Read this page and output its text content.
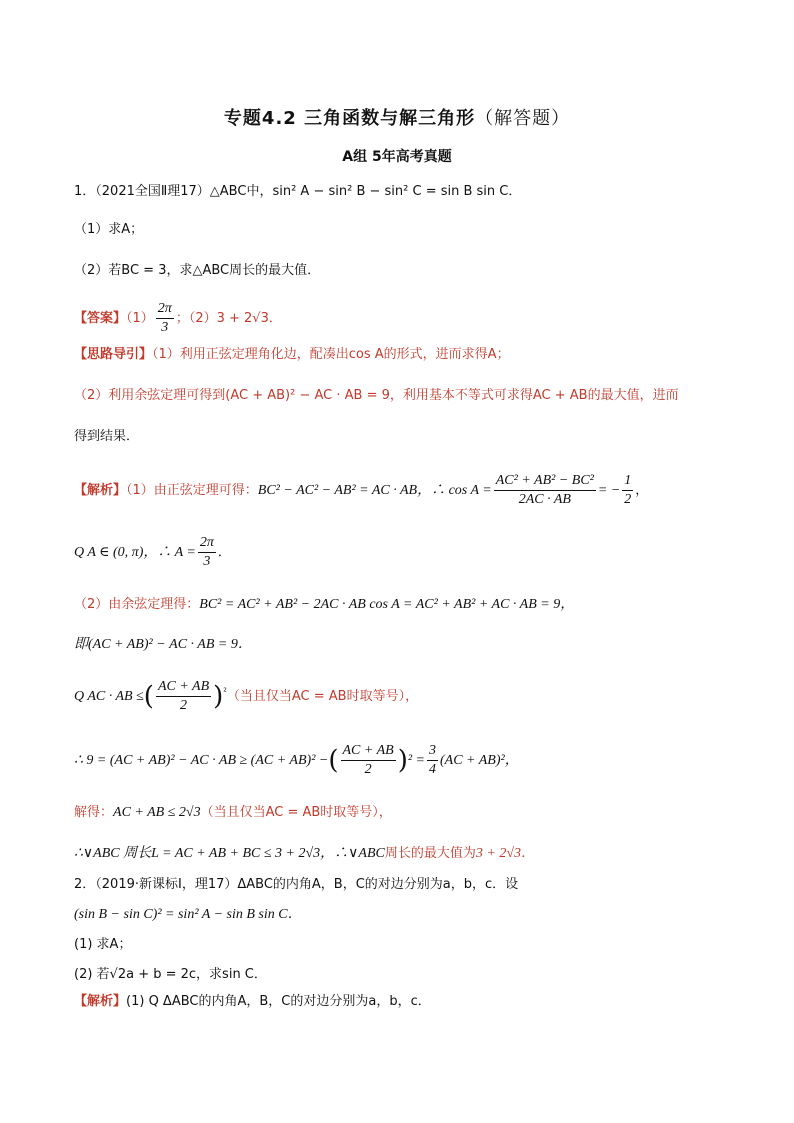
专题4.2 三角函数与解三角形（解答题）
A组 5年高考真题
1．（2021全国Ⅱ理17）△ABC中，sin² A − sin² B − sin² C = sin B sin C．
（1）求A；
（2）若BC = 3，求△ABC周长的最大值．
【答案】$(1) \frac{2\pi}{3}$ ；（2）3 + 2√3．
【思路导引】（1）利用正弦定理角化边，配凑出cos A的形式，进而求得A；
（2）利用余弦定理可得到(AC + AB)² − AC · AB = 9，利用基本不等式可求得AC + AB的最大值，进而
得到结果．
【解析】（1）由正弦定理可得：BC² − AC² − AB² = AC · AB，∴ $\cos A = \frac{\text{AC² + AB² − BC²}}{2AC \cdot AB}$ = − $\frac{1}{2}$ ，
Q A ∈ (0, π)，∴ $A = \frac{2\pi}{3}$ ．
（2）由余弦定理得：BC² = AC² + AB² − 2AC · AB cos A = AC² + AB² + AC · AB = 9，
即(AC + AB)² − AC · AB = 9．
Q AC · AB ≤( $\frac{AC + AB}{2} )^{^2}$（当且仅当AC = AB时取等号），
∴ 9 = (AC + AB)² − AC · AB ≥ (AC + AB)² −( $\frac{AC + AB}{2} )^2 = \frac{3}{4} (AC + AB)^2$，
解得：AC + AB ≤ 2√3（当且仅当AC = AB时取等号），
∴∨ABC 周长L = AC + AB + BC ≤ 3 + 2√3，∴∨ABC周长的最大值为3 + 2√3．
2．（2019·新课标Ⅰ，理17）ΔABC的内角A，B，C的对边分别为a，b，c．设
(sin B − sin C)² = sin² A − sin B sin C．
(1) 求A；
(2) 若√2a + b = 2c，求sin C．
【解析】(1) Q ΔABC的内角A，B，C的对边分别为a，b，c．
